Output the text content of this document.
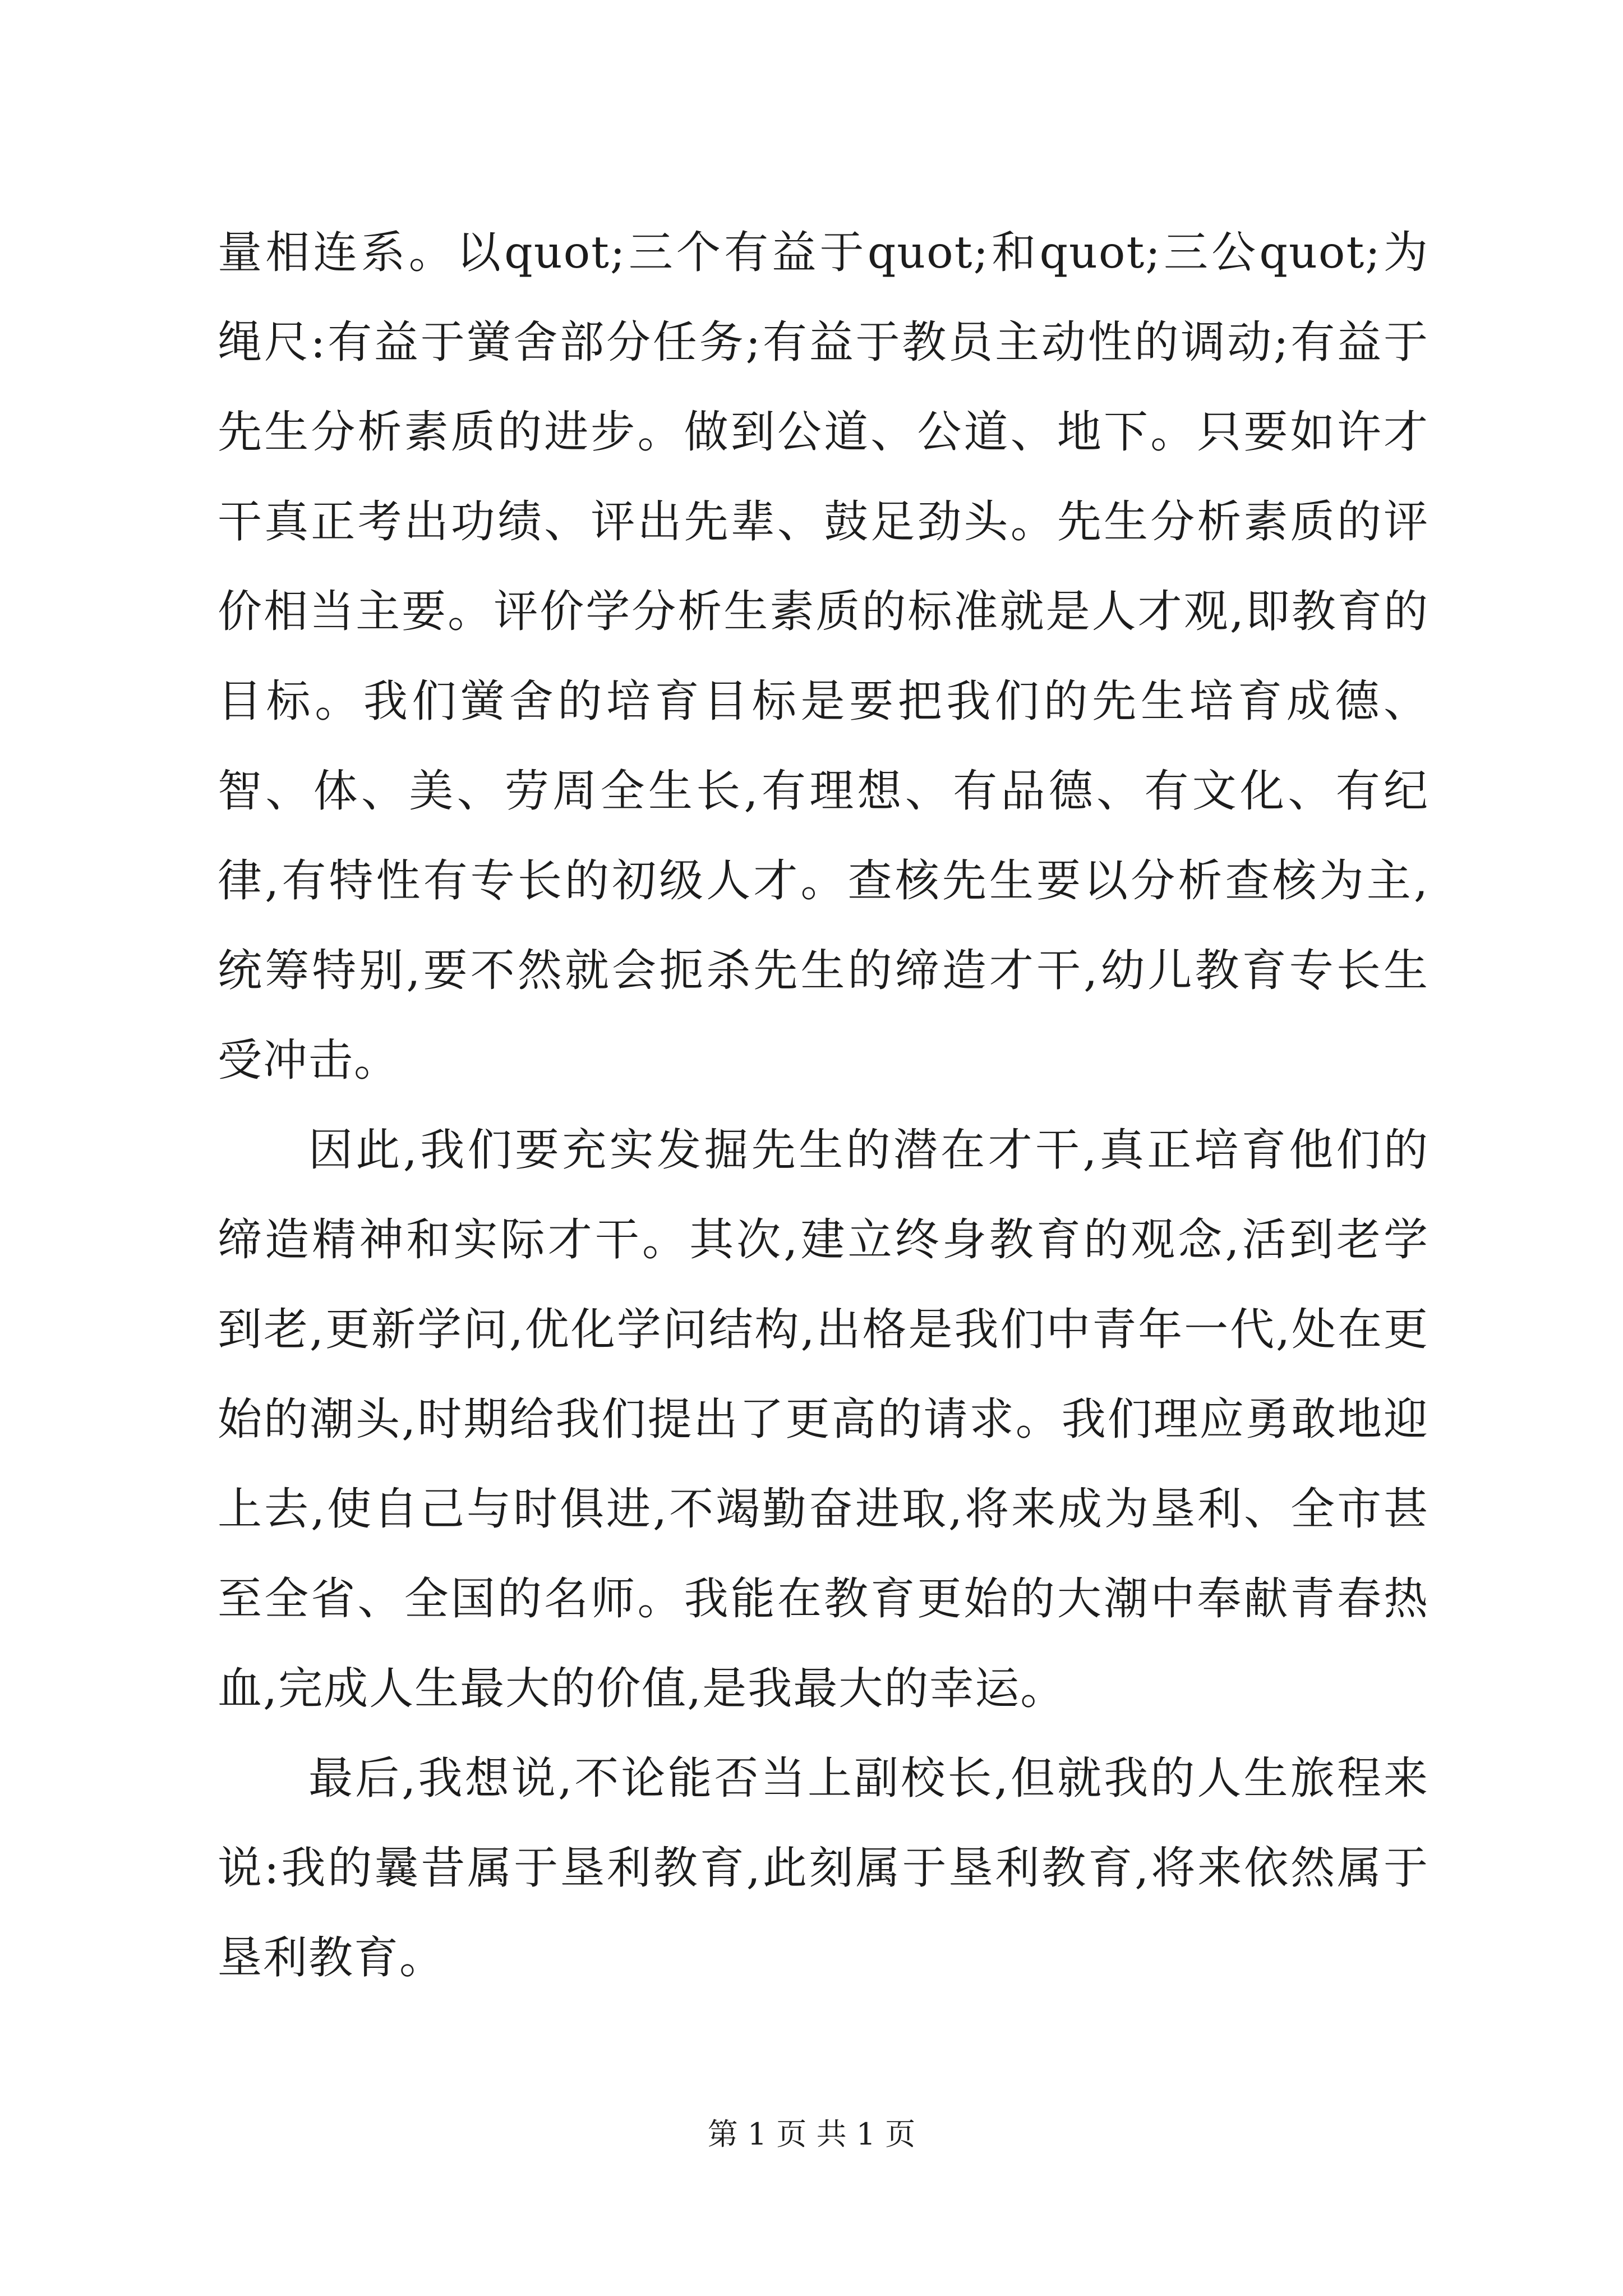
量相连系。以quot;三个有益于quot;和quot;三公quot;为绳尺:有益于黉舍部分任务;有益于教员主动性的调动;有益于先生分析素质的进步。做到公道、公道、地下。只要如许才干真正考出功绩、评出先辈、鼓足劲头。先生分析素质的评价相当主要。评价学分析生素质的标准就是人才观,即教育的目标。我们黉舍的培育目标是要把我们的先生培育成德、智、体、美、劳周全生长,有理想、有品德、有文化、有纪律,有特性有专长的初级人才。查核先生要以分析查核为主,统筹特别,要不然就会扼杀先生的缔造才干,幼儿教育专长生受冲击。

因此,我们要充实发掘先生的潜在才干,真正培育他们的缔造精神和实际才干。其次,建立终身教育的观念,活到老学到老,更新学问,优化学问结构,出格是我们中青年一代,处在更始的潮头,时期给我们提出了更高的请求。我们理应勇敢地迎上去,使自己与时俱进,不竭勤奋进取,将来成为垦利、全市甚至全省、全国的名师。我能在教育更始的大潮中奉献青春热血,完成人生最大的价值,是我最大的幸运。

最后,我想说,不论能否当上副校长,但就我的人生旅程来说:我的曩昔属于垦利教育,此刻属于垦利教育,将来依然属于垦利教育。

第 1 页 共 1 页
